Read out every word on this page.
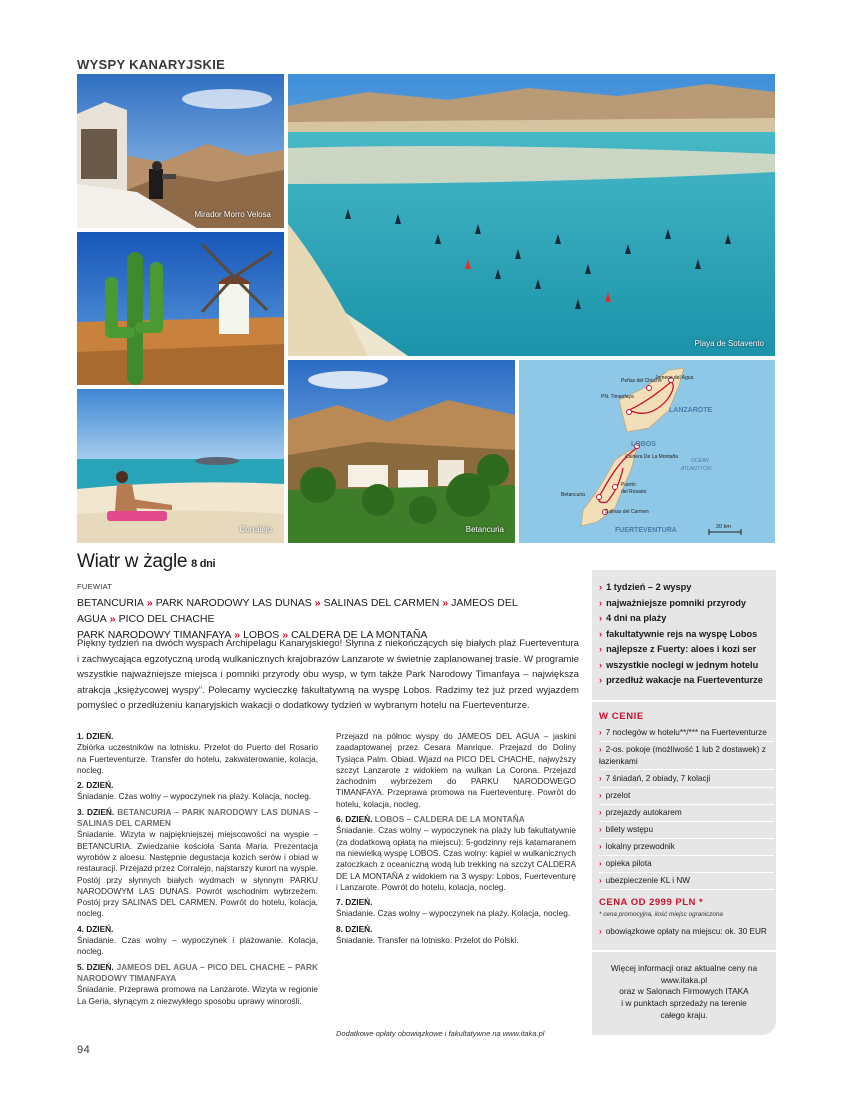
WYSPY KANARYJSKIE
Mirador Morro Velosa
Corralejo
Playa de Sotavento
Betancuria
Jameos del Agua
Peñas del Chache
PN. Timanfaya
LANZAROTE
LOBOS
Caldera De La Montaña
OCEAN
ATLANTYCKI
Betancuria
Puerto
del Rosario
Salinas del Carmen
FUERTEVENTURA	20 km
Wiatr w żagle 8 dni
FUEWIAT
BETANCURIA » PARK NARODOWY LAS DUNAS » SALINAS DEL CARMEN » JAMEOS DEL AGUA » PICO DEL CHACHE
PARK NARODOWY TIMANFAYA » LOBOS » CALDERA DE LA MONTAÑA
Piękny tydzień na dwóch wyspach Archipelagu Kanaryjskiego! Słynna z niekończących się białych plaż Fuerteventura i zachwycająca egzotyczną urodą wulkanicznych krajobrazów Lanzarote w świetnie zaplanowanej trasie. W programie wszystkie najważniejsze miejsca i pomniki przyrody obu wysp, w tym także Park Narodowy Timanfaya – największa atrakcja „księżycowej wyspy”. Polecamy wycieczkę fakultatywną na wyspę Lobos. Radzimy też już przed wyjazdem pomyśleć o przedłużeniu kanaryjskich wakacji o dodatkowy tydzień w wybranym hotelu na Fuerteventurze.
1. DZIEŃ.
Zbiórka uczestników na lotnisku. Przelot do Puerto del Rosario na Fuerteventurze. Transfer do hotelu, zakwaterowanie, kolacja, nocleg.
2. DZIEŃ.
Śniadanie. Czas wolny – wypoczynek na plaży. Kolacja, nocleg.
3. DZIEŃ. BETANCURIA – PARK NARODOWY LAS DUNAS – SALINAS DEL CARMEN
Śniadanie. Wizyta w najpiękniejszej miejscowości na wyspie – BETANCURIA. Zwiedzanie kościoła Santa Maria. Prezentacja wyrobów z aloesu. Następnie degustacja kozich serów i obiad w restauracji. Przejazd przez Corralejo, najstarszy kurort na wyspie. Postój przy słynnych białych wydmach w słynnym PARKU NARODOWYM LAS DUNAS. Powrót wschodnim wybrzeżem. Postój przy SALINAS DEL CARMEN. Powrót do hotelu, kolacja, nocleg.
4. DZIEŃ.
Śniadanie. Czas wolny – wypoczynek i plażowanie. Kolacja, nocleg.
5. DZIEŃ. JAMEOS DEL AGUA – PICO DEL CHACHE – PARK NARODOWY TIMANFAYA
Śniadanie. Przeprawa promowa na Lanzarote. Wizyta w regionie La Geria, słynącym z niezwykłego sposobu uprawy winorośli.
Przejazd na północ wyspy do JAMEOS DEL AGUA – jaskini zaadaptowanej przez Cesara Manrique. Przejazd do Doliny Tysiąca Palm. Obiad. Wjazd na PICO DEL CHACHE, najwyższy szczyt Lanzarote z widokiem na wulkan La Corona. Przejazd zachodnim wybrzeżem do PARKU NARODOWEGO TIMANFAYA. Przeprawa promowa na Fuerteventurę. Powrót do hotelu, kolacja, nocleg.
6. DZIEŃ. LOBOS – CALDERA DE LA MONTAÑA
Śniadanie. Czas wolny – wypoczynek na plaży lub fakultatywnie (za dodatkową opłatą na miejscu): 5-godzinny rejs katamaranem na niewielką wyspę LOBOS. Czas wolny: kąpiel w wulkanicznych zatoczkach z oceaniczną wodą lub trekking na szczyt CALDERA DE LA MONTAÑA z widokiem na 3 wyspy: Lobos, Fuerteventurę i Lanzarote. Powrót do hotelu, kolacja, nocleg.
7. DZIEŃ.
Śniadanie. Czas wolny – wypoczynek na plaży. Kolacja, nocleg.
8. DZIEŃ.
Śniadanie. Transfer na lotnisko. Przelot do Polski.
Dodatkowe opłaty obowiązkowe i fakultatywne na www.itaka.pl
94
› 1 tydzień – 2 wyspy
› najważniejsze pomniki przyrody
› 4 dni na plaży
› fakultatywnie rejs na wyspę Lobos
› najlepsze z Fuerty: aloes i kozi ser
› wszystkie noclegi w jednym hotelu
› przedłuż wakacje na Fuerteventurze
W CENIE
› 7 noclegów w hotelu**/*** na Fuerteventurze
› 2-os. pokoje (możliwość 1 lub 2 dostawek) z łazienkami
› 7 śniadań, 2 obiady, 7 kolacji
› przelot
› przejazdy autokarem
› bilety wstępu
› lokalny przewodnik
› opieka pilota
› ubezpieczenie KL i NW
CENA OD 2999 PLN *
* cena promocyjna, ilość miejsc ograniczona
› obowiązkowe opłaty na miejscu: ok. 30 EUR
Więcej informacji oraz aktualne ceny na
www.itaka.pl
oraz w Salonach Firmowych ITAKA
i w punktach sprzedaży na terenie
całego kraju.
